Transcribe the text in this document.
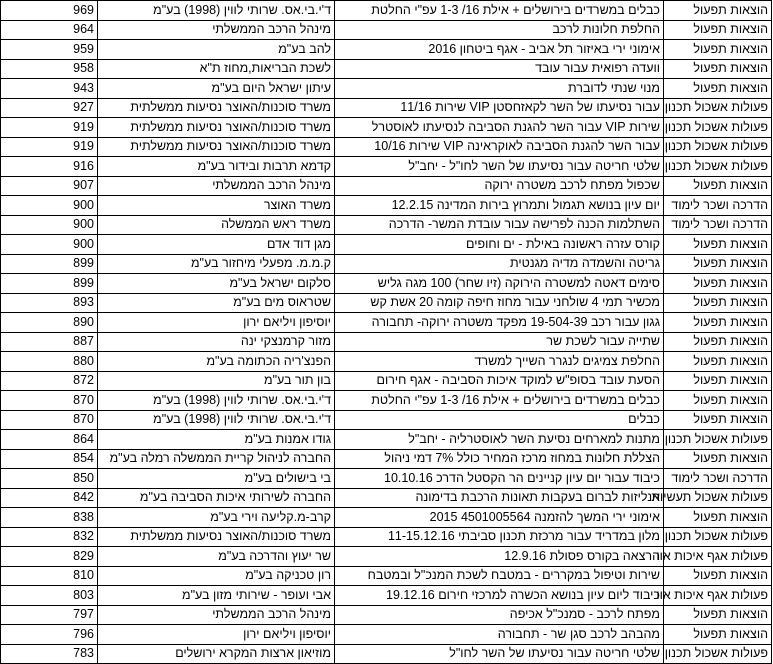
969	ד'י.בי.אס. שרותי לווין (1998) בע"מ	כבלים במשרדים בירושלים + אילת 16/ 1-3 עפ"י החלטת	הוצאות תפעול
964	מינהל הרכב הממשלתי	החלפת חלונות לרכב	הוצאות תפעול
959	להב בע"מ	אימוני ירי באיזור תל אביב - אגף ביטחון 2016	הוצאות תפעול
958	לשכת הבריאות,מחוז ת"א	וועדה רפואית עבור עובד	הוצאות תפעול
943	עיתון ישראל היום בע"מ	מנוי שנתי לדוברת	הוצאות תפעול
927	משרד סוכנות/האוצר נסיעות ממשלתית	עבור נסיעתו של השר לקאזחסטן VIP שירות 11/16	פעולות אשכול תכנון
919	משרד סוכנות/האוצר נסיעות ממשלתית	שירות VIP עבור השר להגנת הסביבה לנסיעתו לאוסטרל	פעולות אשכול תכנון
919	משרד סוכנות/האוצר נסיעות ממשלתית	עבור השר להגנת הסביבה לאוקראינה VIP שירות 10/16	פעולות אשכול תכנון
916	קדמא תרבות ובידור בע"מ	שלטי חריטה עבור נסיעתו של השר לחו"ל - יחב"ל	פעולות אשכול תכנון
907	מינהל הרכב הממשלתי	שכפול מפתח לרכב משטרה ירוקה	הוצאות תפעול
900	משרד האוצר	יום עיון בנושא תגמול ותמרוץ בירות המדינה 12.2.15	הדרכה ושכר לימוד
900	משרד ראש הממשלה	השתלמות הכנה לפרישה עבור עובדת המשר- הדרכה	הדרכה ושכר לימוד
900	מגן דוד אדם	קורס עזרה ראשונה באילת - ים וחופים	הוצאות תפעול
899	ק.מ.מ. מפעלי מיחזור בע"מ	גריטה והשמדה מדיה מגנטית	הוצאות תפעול
899	סלקום ישראל בע"מ	סימים דאטה למשטרה הירוקה (זיו שחר) 100 מגה גליש	הוצאות תפעול
893	שטראוס מים בע"מ	מכשיר תמי 4 שולחני עבור מחוז חיפה קומה 20 אשת קש	הוצאות תפעול
890	יוסיפון ויליאם ירון	גגון עבור רכב 19-504-39 מפקד משטרה ירוקה- תחבורה	הוצאות תפעול
887	מזור קרמנצקי ינה	שתייה עבור לשכת שר	הוצאות תפעול
880	הפנצ'ריה הכתומה בע"מ	החלפת צמיגים לנגרר השייך למשרד	הוצאות תפעול
872	בון תור בע"מ	הסעת עובד בסופ"ש למוקד איכות הסביבה - אגף חירום	הוצאות תפעול
870	ד'י.בי.אס. שרותי לווין (1998) בע"מ	כבלים במשרדים בירושלים + אילת 16/ 1-3 עפ"י החלטת	הוצאות תפעול
870	ד'י.בי.אס. שרותי לווין (1998) בע"מ	כבלים	הוצאות תפעול
864	גודו אמנות בע"מ	מתנות למארחים נסיעת השר לאוסטרליה - יחב"ל	פעולות אשכול תכנון
854	החברה לניהול קריית הממשלה רמלה בע"מ	הצללת חלונות במחוז מרכז המחיר כולל 7% דמי ניהול	הוצאות תפעול
850	בי בישולים בע"מ	כיבוד עבור יום עיון קניינים הר הקסטל הדרכ 10.10.16	הדרכה ושכר לימוד
842	החברה לשירותי איכות הסביבה בע"מ	אנליזות לברום בעקבות תאונות הרכבת בדימונה	פעולות אשכול תעשיות
838	קרב-מ.קליעה וירי בע"מ	אימוני ירי המשך להזמנה 4501005564 2015	הוצאות תפעול
832	משרד סוכנות/האוצר נסיעות ממשלתית	מלון במדריד עבור מרכזת תכנון סביבתי 11-15.12.16	פעולות אשכול תכנון
829	שר יעוץ והדרכה בע"מ	הרצאה בקורס פסולת 12.9.16	פעולות אגף איכות אוו
810	רון טכניקה בע"מ	שירות וטיפול במקררים - במטבח לשכת המנכ"ל ובמטבח	הוצאות תפעול
803	אבי ועופר - שירותי מזון בע"מ	כיבוד ליום עיון בנושא הכשרה למרכזי חירום 19.12.16	פעולות אגף איכות אוו
797	מינהל הרכב הממשלתי	מפתח לרכב - סמנכ"ל אכיפה	הוצאות תפעול
796	יוסיפון ויליאם ירון	מהבהב לרכב סגן שר - תחבורה	הוצאות תפעול
783	מוזיאון ארצות המקרא ירושלים	שלטי חריטה עבור נסיעתו של השר לחו"ל	פעולות אשכול תכנון
